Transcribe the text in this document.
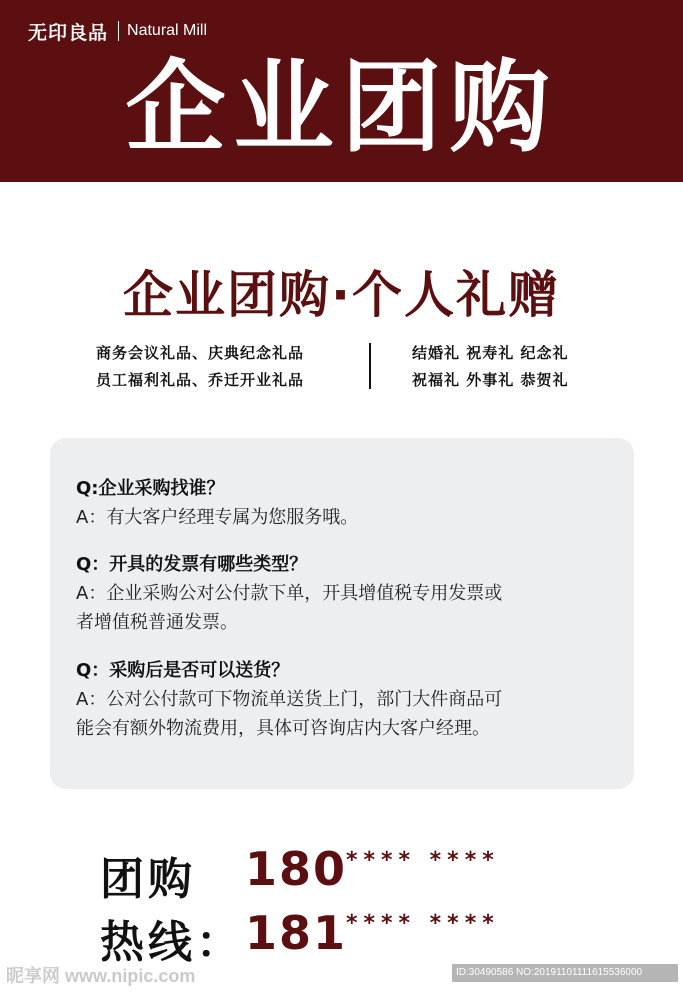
无印良品 Natural Mill
企业团购
企业团购·个人礼赠
商务会议礼品、庆典纪念礼品
员工福利礼品、乔迁开业礼品
结婚礼 祝寿礼 纪念礼
祝福礼 外事礼 恭贺礼
Q:企业采购找谁？
A：有大客户经理专属为您服务哦。
Q：开具的发票有哪些类型？
A：企业采购公对公付款下单，开具增值税专用发票或
者增值税普通发票。
Q：采购后是否可以送货？
A：公对公付款可下物流单送货上门，部门大件商品可
能会有额外物流费用，具体可咨询店内大客户经理。
团购 180
**** ****
热线： 181
**** ****
昵享网 www.nipic.com	ID:30490586 NO:20191101111615536000
